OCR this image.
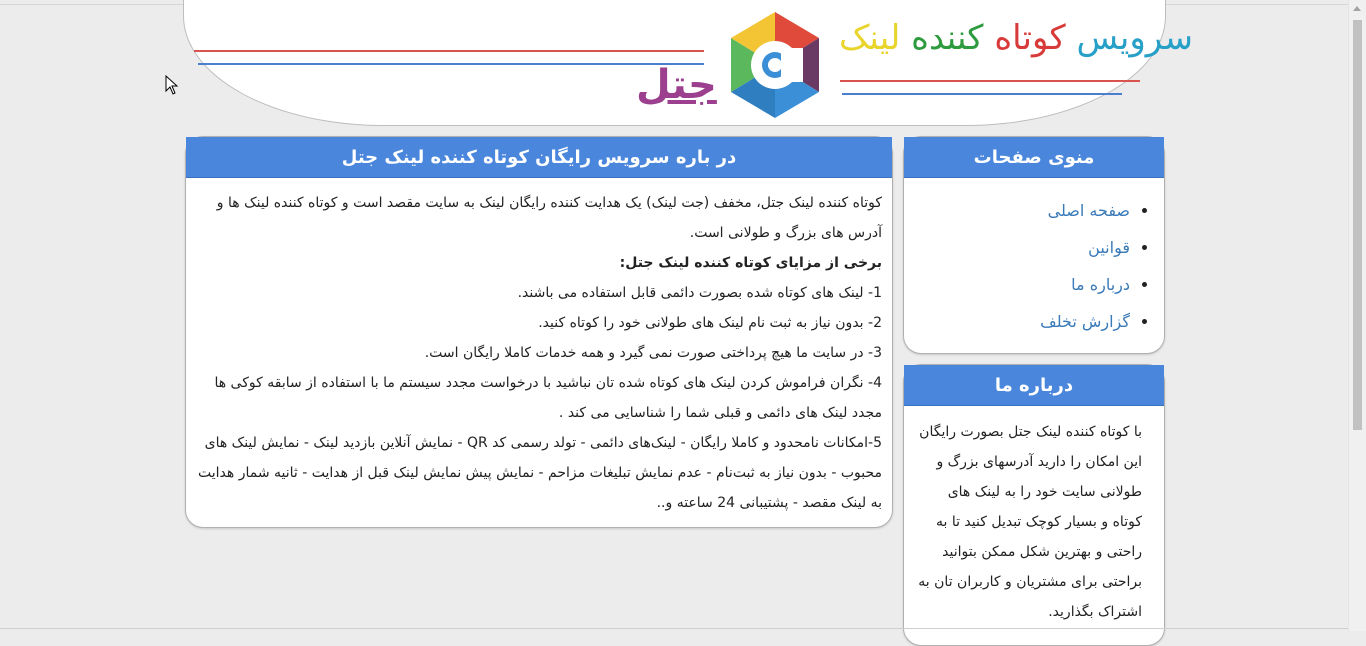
سرویس کوتاه کننده لینک
جتل
در باره سرویس رایگان کوتاه کننده لینک جتل

کوتاه کننده لینک جتل، مخفف (جت لینک) یک هدایت کننده رایگان لینک به سایت مقصد است و کوتاه کننده لینک ها و آدرس های بزرگ و طولانی است.

برخی از مزایای کوتاه کننده لینک جتل:

1- لینک های کوتاه شده بصورت دائمی قابل استفاده می باشند.

2- بدون نیاز به ثبت نام لینک های طولانی خود را کوتاه کنید.

3- در سایت ما هیچ پرداختی صورت نمی گیرد و همه خدمات کاملا رایگان است.

4- نگران فراموش کردن لینک های کوتاه شده تان نباشید با درخواست مجدد سیستم ما با استفاده از سابقه کوکی ها مجدد لینک های دائمی و قبلی شما را شناسایی می کند .

5-امکانات نامحدود و کاملا رایگان - لینک‌های دائمی - تولد رسمی کد QR - نمایش آنلاین بازدید لینک - نمایش لینک های محبوب - بدون نیاز به ثبت‌نام - عدم نمایش تبلیغات مزاحم - نمایش پیش نمایش لینک قبل از هدایت - ثانیه شمار هدایت به لینک مقصد - پشتیبانی 24 ساعته و..

منوی صفحات
• صفحه اصلی
• قوانین
• درباره ما
• گزارش تخلف
درباره ما
با کوتاه کننده لینک جتل بصورت رایگان این امکان را دارید آدرسهای بزرگ و طولانی سایت خود را به لینک های کوتاه و بسیار کوچک تبدیل کنید تا به راحتی و بهترین شکل ممکن بتوانید براحتی برای مشتریان و کاربران تان به اشتراک بگذارید.
